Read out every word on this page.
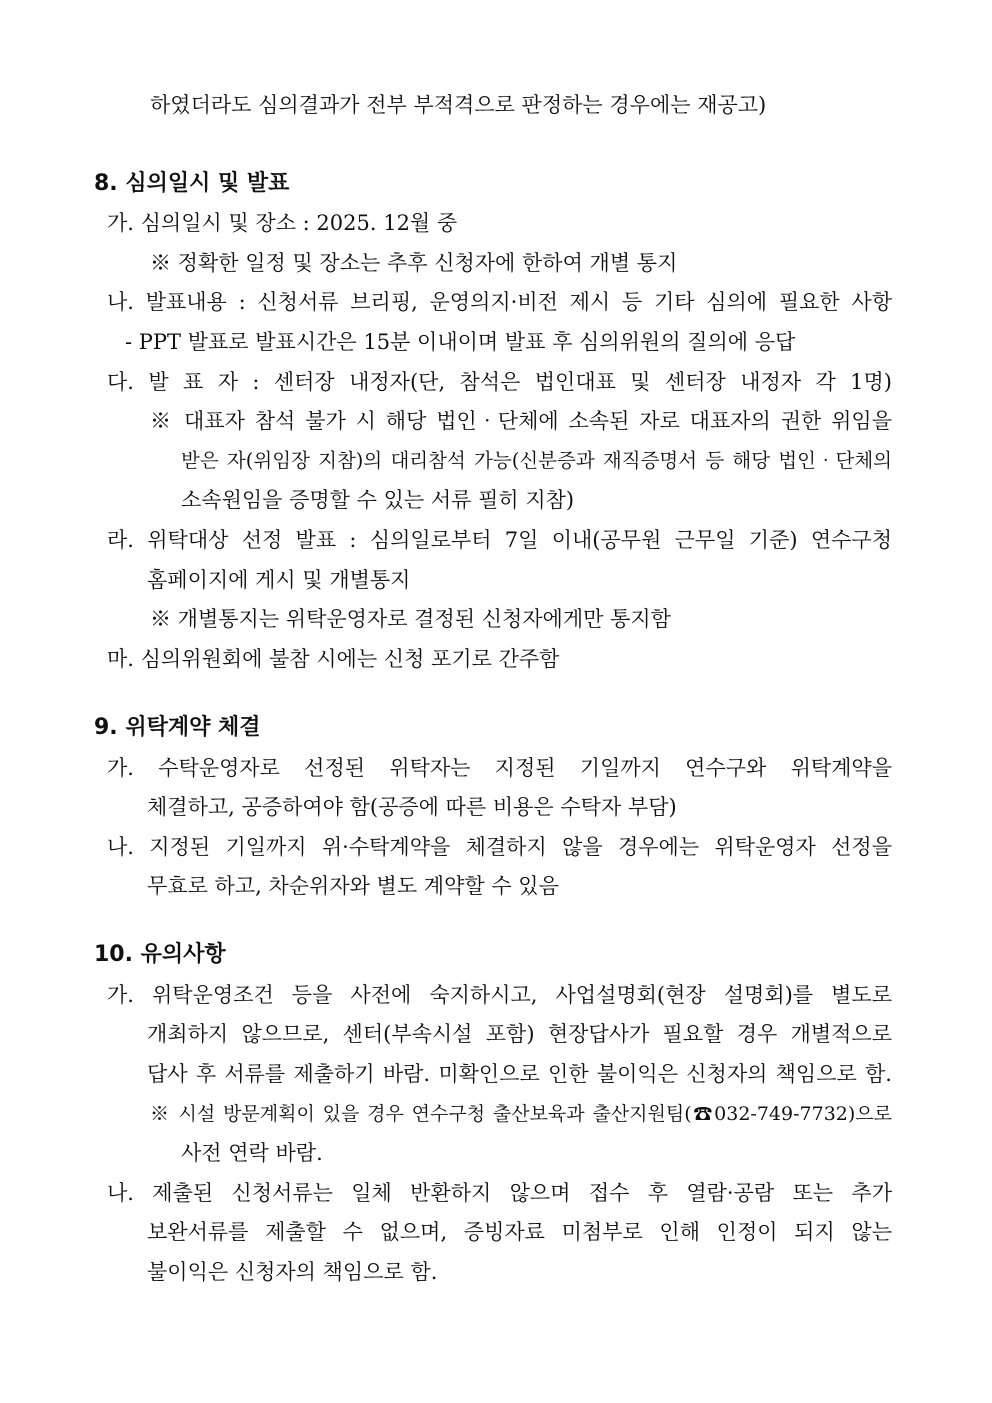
하였더라도 심의결과가 전부 부적격으로 판정하는 경우에는 재공고)
8. 심의일시 및 발표
가. 심의일시 및 장소 : 2025. 12월 중
※ 정확한 일정 및 장소는 추후 신청자에 한하여 개별 통지
나. 발표내용 : 신청서류 브리핑, 운영의지·비전 제시 등 기타 심의에 필요한 사항
- PPT 발표로 발표시간은 15분 이내이며 발표 후 심의위원의 질의에 응답
다. 발 표 자 : 센터장 내정자(단, 참석은 법인대표 및 센터장 내정자 각 1명)
※ 대표자 참석 불가 시 해당 법인‧단체에 소속된 자로 대표자의 권한 위임을
받은 자(위임장 지참)의 대리참석 가능(신분증과 재직증명서 등 해당 법인‧단체의
소속원임을 증명할 수 있는 서류 필히 지참)
라. 위탁대상 선정 발표 : 심의일로부터 7일 이내(공무원 근무일 기준) 연수구청
홈페이지에 게시 및 개별통지
※ 개별통지는 위탁운영자로 결정된 신청자에게만 통지함
마. 심의위원회에 불참 시에는 신청 포기로 간주함
9. 위탁계약 체결
가. 수탁운영자로 선정된 위탁자는 지정된 기일까지 연수구와 위탁계약을
체결하고, 공증하여야 함(공증에 따른 비용은 수탁자 부담)
나. 지정된 기일까지 위·수탁계약을 체결하지 않을 경우에는 위탁운영자 선정을
무효로 하고, 차순위자와 별도 계약할 수 있음
10. 유의사항
가. 위탁운영조건 등을 사전에 숙지하시고, 사업설명회(현장 설명회)를 별도로
개최하지 않으므로, 센터(부속시설 포함) 현장답사가 필요할 경우 개별적으로
답사 후 서류를 제출하기 바람. 미확인으로 인한 불이익은 신청자의 책임으로 함.
※ 시설 방문계획이 있을 경우 연수구청 출산보육과 출산지원팀(☎032-749-7732)으로
사전 연락 바람.
나. 제출된 신청서류는 일체 반환하지 않으며 접수 후 열람·공람 또는 추가
보완서류를 제출할 수 없으며, 증빙자료 미첨부로 인해 인정이 되지 않는
불이익은 신청자의 책임으로 함.
